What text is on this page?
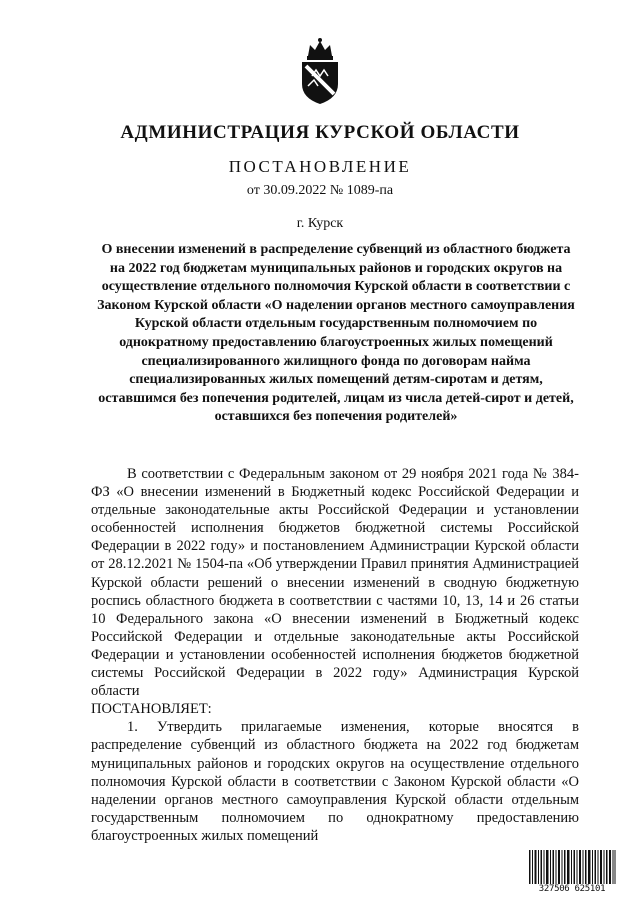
АДМИНИСТРАЦИЯ КУРСКОЙ ОБЛАСТИ
ПОСТАНОВЛЕНИЕ
от 30.09.2022 № 1089-па
г. Курск
О внесении изменений в распределение субвенций из областного бюджета на 2022 год бюджетам муниципальных районов и городских округов на осуществление отдельного полномочия Курской области в соответствии с Законом Курской области «О наделении органов местного самоуправления Курской области отдельным государственным полномочием по однократному предоставлению благоустроенных жилых помещений специализированного жилищного фонда по договорам найма специализированных жилых помещений детям-сиротам и детям, оставшимся без попечения родителей, лицам из числа детей-сирот и детей, оставшихся без попечения родителей»

В соответствии с Федеральным законом от 29 ноября 2021 года № 384-ФЗ «О внесении изменений в Бюджетный кодекс Российской Федерации и отдельные законодательные акты Российской Федерации и установлении особенностей исполнения бюджетов бюджетной системы Российской Федерации в 2022 году» и постановлением Администрации Курской области от 28.12.2021 № 1504-па «Об утверждении Правил принятия Администрацией Курской области решений о внесении изменений в сводную бюджетную роспись областного бюджета в соответствии с частями 10, 13, 14 и 26 статьи 10 Федерального закона «О внесении изменений в Бюджетный кодекс Российской Федерации и отдельные законодательные акты Российской Федерации и установлении особенностей исполнения бюджетов бюджетной системы Российской Федерации в 2022 году» Администрация Курской области

ПОСТАНОВЛЯЕТ:

1. Утвердить прилагаемые изменения, которые вносятся в распределение субвенций из областного бюджета на 2022 год бюджетам муниципальных районов и городских округов на осуществление отдельного полномочия Курской области в соответствии с Законом Курской области «О наделении органов местного самоуправления Курской области отдельным государственным полномочием по однократному предоставлению благоустроенных жилых помещений

327506 625101
